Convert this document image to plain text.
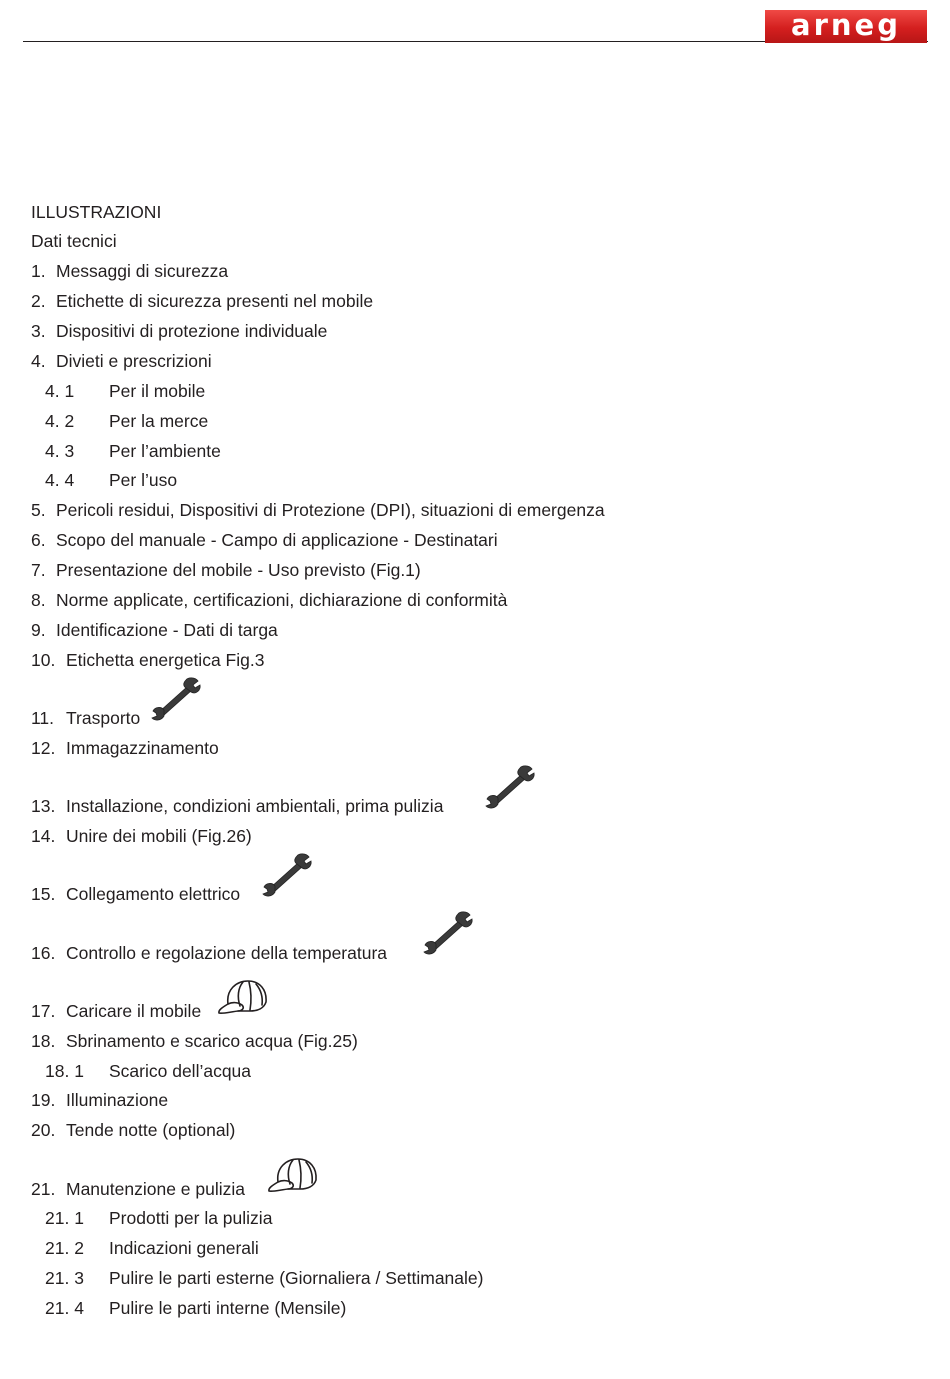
arneg
ILLUSTRAZIONI
Dati tecnici
1. Messaggi di sicurezza
2. Etichette di sicurezza presenti nel mobile
3. Dispositivi di protezione individuale
4. Divieti e prescrizioni
4. 1	Per il mobile
4. 2	Per la merce
4. 3	Per l’ambiente
4. 4	Per l’uso
5. Pericoli residui, Dispositivi di Protezione (DPI), situazioni di emergenza
6. Scopo del manuale - Campo di applicazione - Destinatari
7. Presentazione del mobile - Uso previsto (Fig.1)
8. Norme applicate, certificazioni, dichiarazione di conformità
9. Identificazione - Dati di targa
10. Etichetta energetica Fig.3
11. Trasporto
12. Immagazzinamento
13. Installazione, condizioni ambientali, prima pulizia
14. Unire dei mobili (Fig.26)
15. Collegamento elettrico
16. Controllo e regolazione della temperatura
17. Caricare il mobile
18. Sbrinamento e scarico acqua (Fig.25)
18. 1	Scarico dell’acqua
19. Illuminazione
20. Tende notte (optional)
21. Manutenzione e pulizia
21. 1	Prodotti per la pulizia
21. 2	Indicazioni generali
21. 3	Pulire le parti esterne (Giornaliera / Settimanale)
21. 4	Pulire le parti interne (Mensile)
